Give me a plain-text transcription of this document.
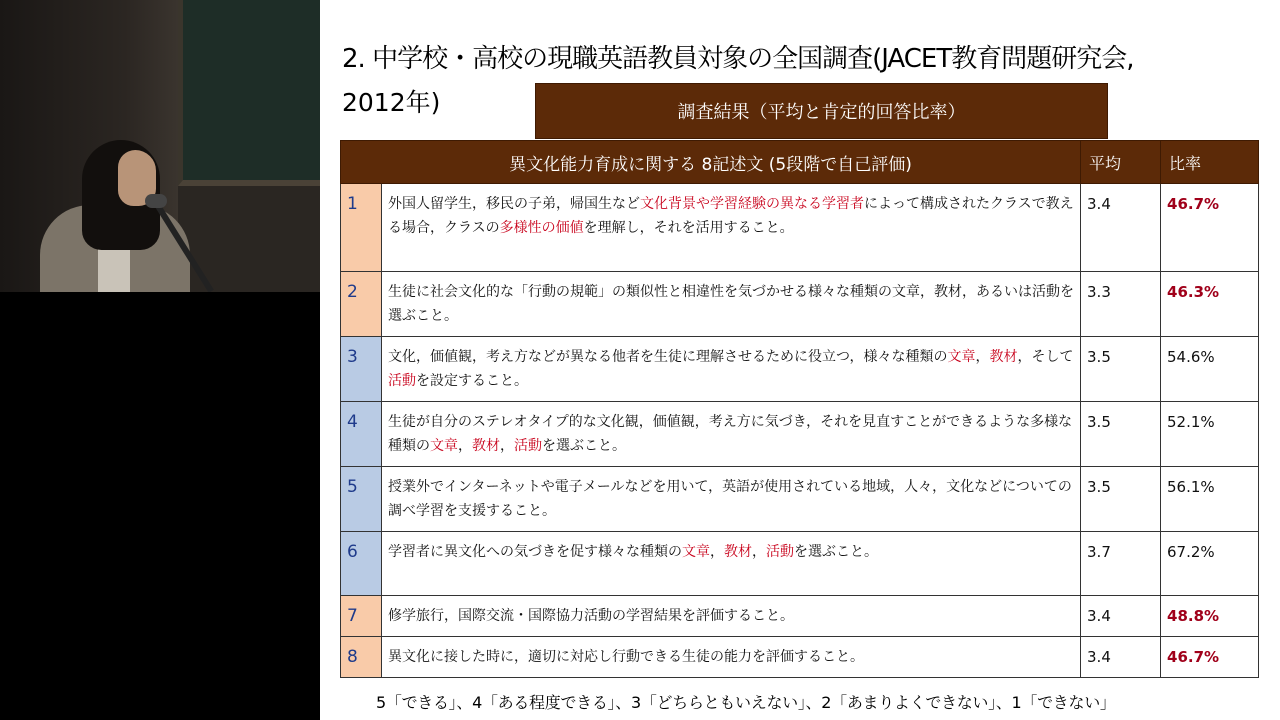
2. 中学校・高校の現職英語教員対象の全国調査(JACET教育問題研究会,
2012年)	調査結果（平均と肯定的回答比率）
異文化能力育成に関する 8記述文 (5段階で自己評価)		平均	比率
1	外国人留学生，移民の子弟，帰国生など文化背景や学習経験の異なる学習者によって構成されたクラスで教える場合，クラスの多様性の価値を理解し，それを活用すること。	3.4	46.7%
2	生徒に社会文化的な「行動の規範」の類似性と相違性を気づかせる様々な種類の文章，教材，あるいは活動を選ぶこと。	3.3	46.3%
3	文化，価値観，考え方などが異なる他者を生徒に理解させるために役立つ，様々な種類の文章，教材，そして活動を設定すること。	3.5	54.6%
4	生徒が自分のステレオタイプ的な文化観，価値観，考え方に気づき，それを見直すことができるような多様な種類の文章，教材，活動を選ぶこと。	3.5	52.1%
5	授業外でインターネットや電子メールなどを用いて，英語が使用されている地域，人々，文化などについての調べ学習を支援すること。	3.5	56.1%
6	学習者に異文化への気づきを促す様々な種類の文章，教材，活動を選ぶこと。	3.7	67.2%
7	修学旅行，国際交流・国際協力活動の学習結果を評価すること。	3.4	48.8%
8	異文化に接した時に，適切に対応し行動できる生徒の能力を評価すること。	3.4	46.7%
5「できる」、4「ある程度できる」、3「どちらともいえない」、2「あまりよくできない」、1「できない」
